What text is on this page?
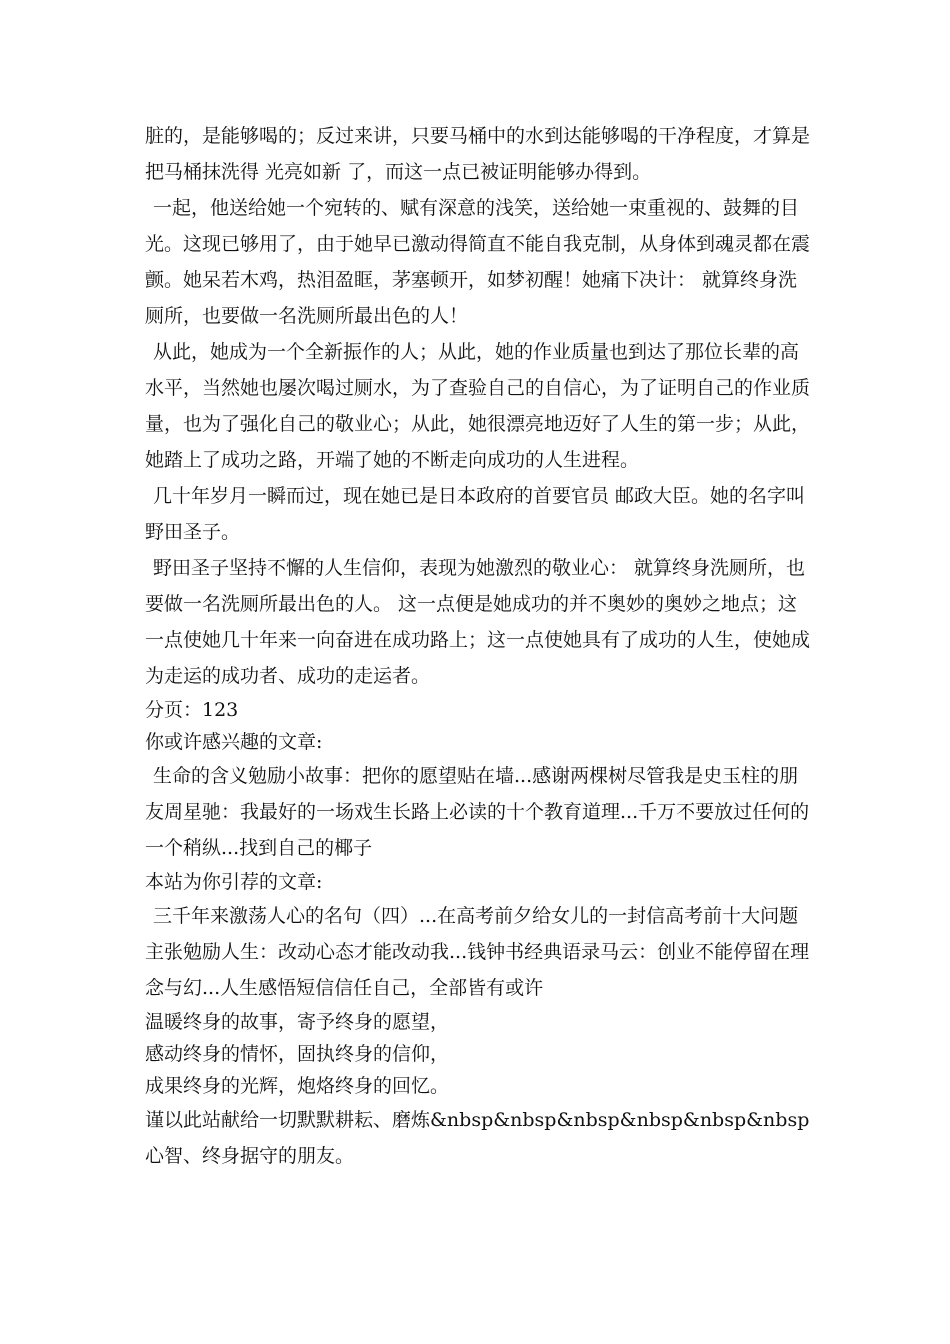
脏的，是能够喝的；反过来讲，只要马桶中的水到达能够喝的干净程度，才算是把马桶抹洗得 光亮如新 了，而这一点已被证明能够办得到。

一起，他送给她一个宛转的、赋有深意的浅笑，送给她一束重视的、鼓舞的目光。这现已够用了，由于她早已激动得简直不能自我克制，从身体到魂灵都在震颤。她呆若木鸡，热泪盈眶，茅塞顿开，如梦初醒！她痛下决计： 就算终身洗厕所，也要做一名洗厕所最出色的人！

从此，她成为一个全新振作的人；从此，她的作业质量也到达了那位长辈的高水平，当然她也屡次喝过厕水，为了查验自己的自信心，为了证明自己的作业质量，也为了强化自己的敬业心；从此，她很漂亮地迈好了人生的第一步；从此，她踏上了成功之路，开端了她的不断走向成功的人生进程。

几十年岁月一瞬而过，现在她已是日本政府的首要官员 邮政大臣。她的名字叫野田圣子。

野田圣子坚持不懈的人生信仰，表现为她激烈的敬业心： 就算终身洗厕所，也要做一名洗厕所最出色的人。 这一点便是她成功的并不奥妙的奥妙之地点；这一点使她几十年来一向奋进在成功路上；这一点使她具有了成功的人生，使她成为走运的成功者、成功的走运者。

分页：123

你或许感兴趣的文章:

生命的含义勉励小故事：把你的愿望贴在墙...感谢两棵树尽管我是史玉柱的朋友周星驰：我最好的一场戏生长路上必读的十个教育道理...千万不要放过任何的一个稍纵...找到自己的椰子

本站为你引荐的文章:

三千年来激荡人心的名句（四）...在高考前夕给女儿的一封信高考前十大问题主张勉励人生：改动心态才能改动我...钱钟书经典语录马云：创业不能停留在理念与幻...人生感悟短信信任自己，全部皆有或许

温暖终身的故事，寄予终身的愿望，

感动终身的情怀，固执终身的信仰，

成果终身的光辉，炮烙终身的回忆。

谨以此站献给一切默默耕耘、磨炼&nbsp&nbsp&nbsp&nbsp&nbsp&nbsp心智、终身据守的朋友。
